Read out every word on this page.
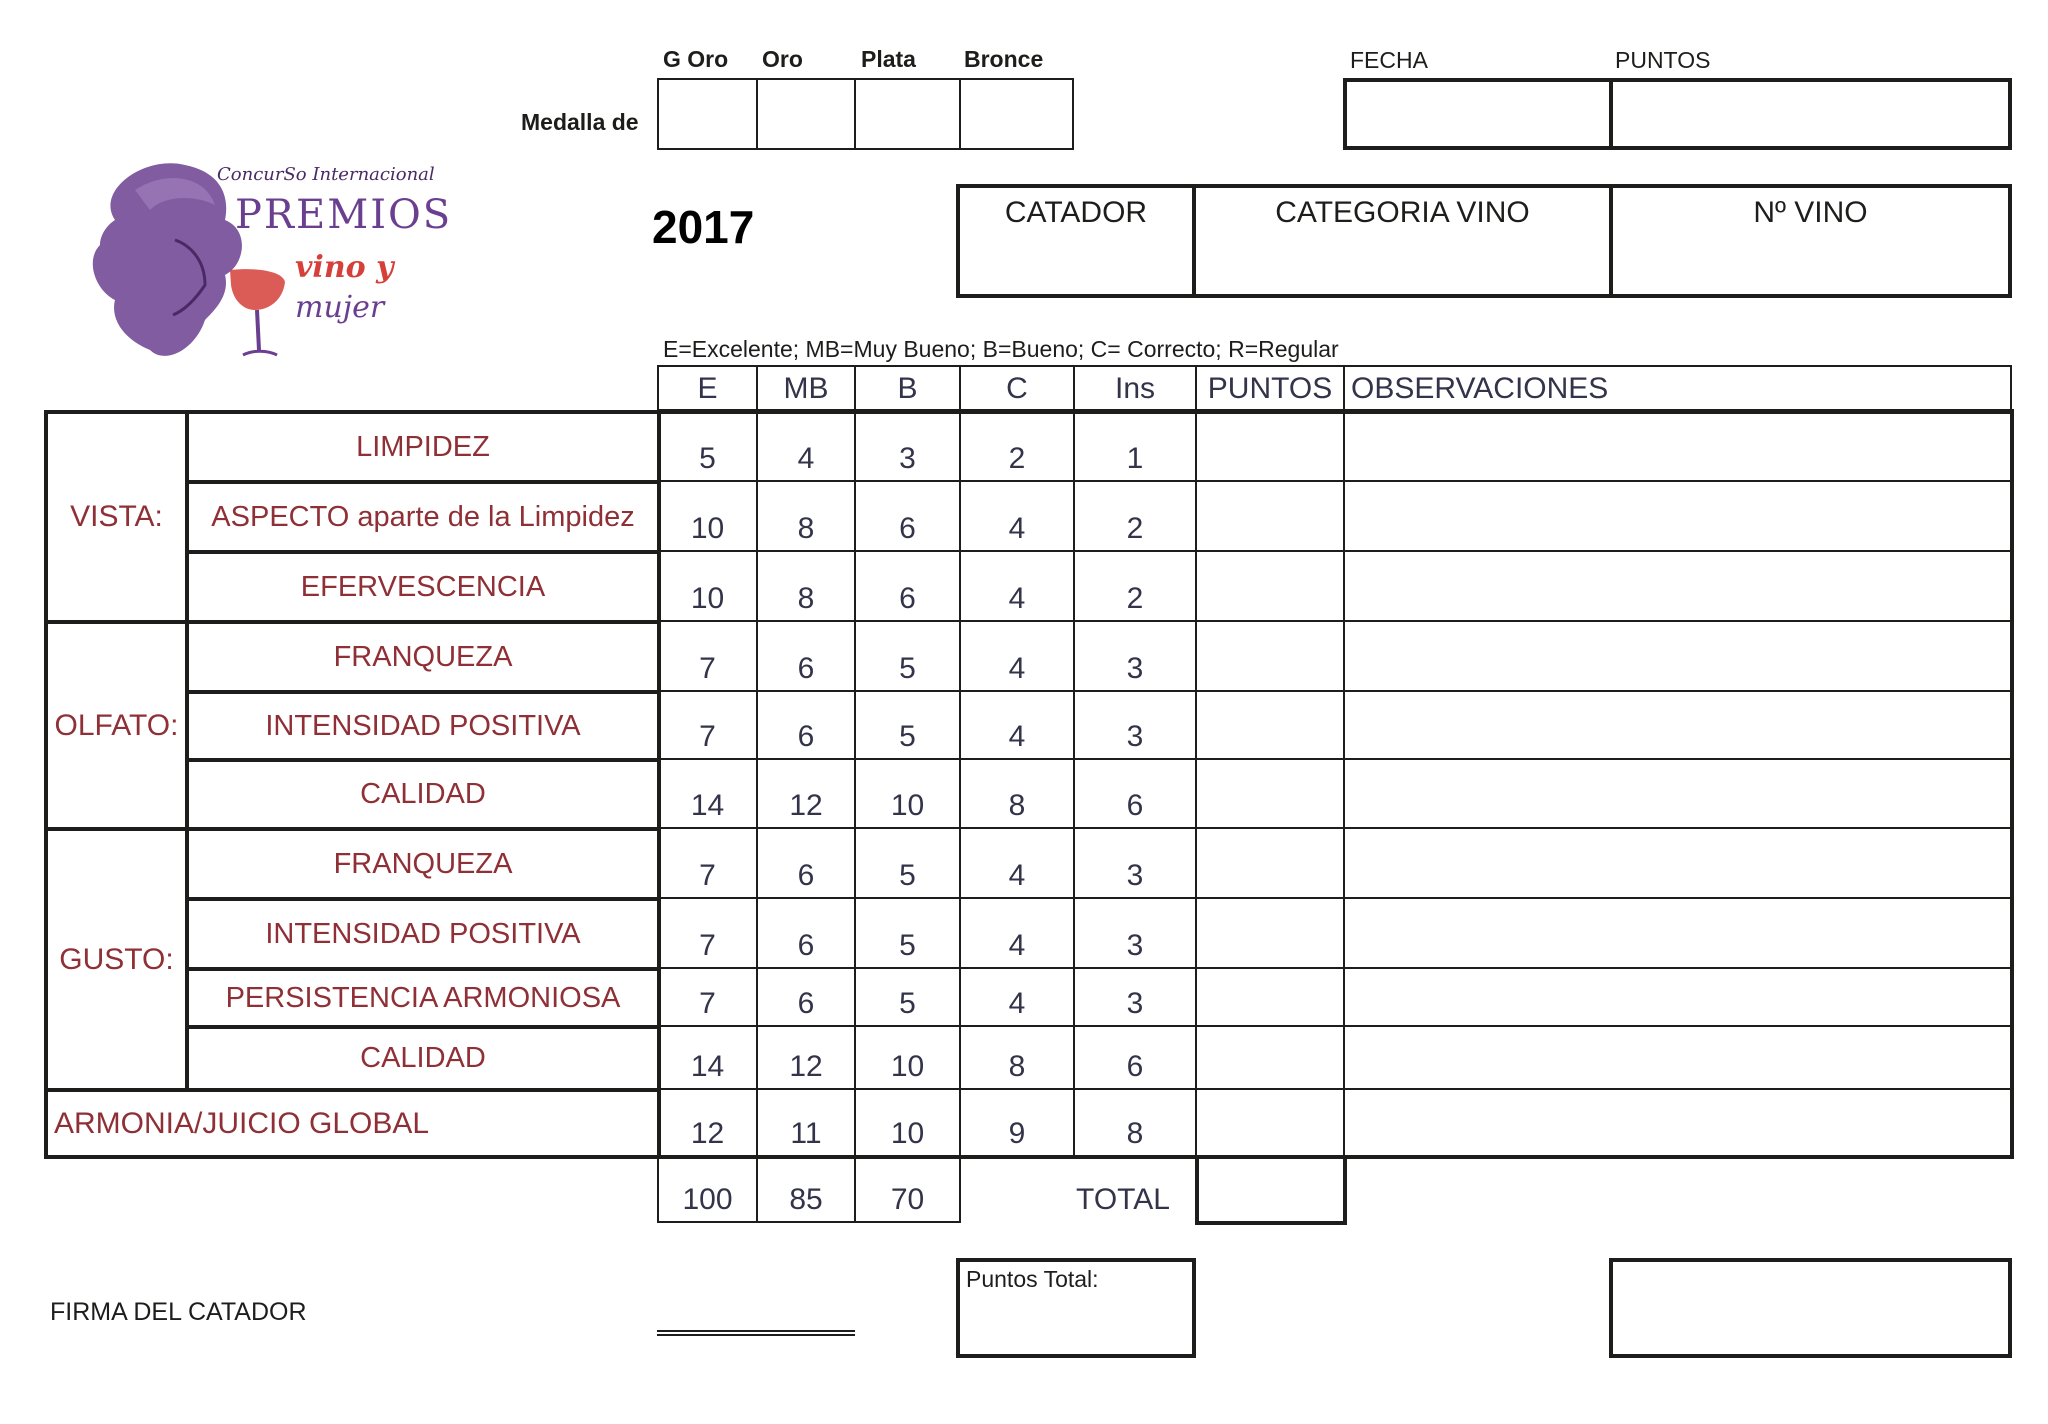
G Oro Oro	Plata Bronce
Medalla de
FECHA	PUNTOS
ConcurSo Internacional
PREMIOS
vino y
mujer
2017	CATADOR	CATEGORIA VINO	Nº VINO
E=Excelente; MB=Muy Bueno; B=Bueno; C= Correcto; R=Regular
E	MB	B	C	Ins	PUNTOS OBSERVACIONES
VISTA:
LIMPIDEZ	5	4	3	2	1
ASPECTO aparte de la Limpidez	10	8	6	4	2
EFERVESCENCIA	10	8	6	4	2
OLFATO:
FRANQUEZA	7	6	5	4	3
INTENSIDAD POSITIVA	7	6	5	4	3
CALIDAD	14	12	10	8	6
GUSTO:
FRANQUEZA	7	6	5	4	3
INTENSIDAD POSITIVA	7	6	5	4	3
PERSISTENCIA ARMONIOSA	7	6	5	4	3
CALIDAD	14	12	10	8	6
ARMONIA/JUICIO GLOBAL	12	11	10	9	8
100	85	70	TOTAL
Puntos Total:
FIRMA DEL CATADOR
